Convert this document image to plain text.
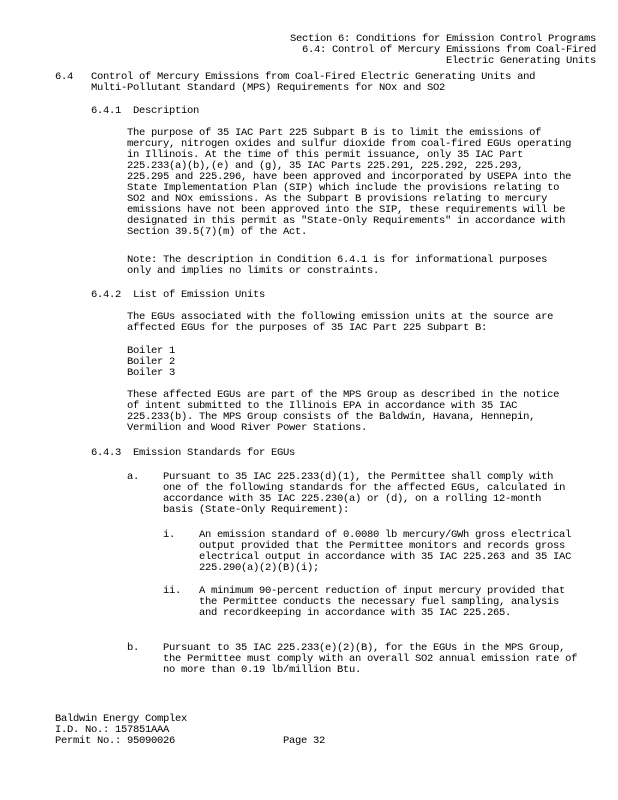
Section 6: Conditions for Emission Control Programs
6.4: Control of Mercury Emissions from Coal-Fired
Electric Generating Units
6.4 Control of Mercury Emissions from Coal-Fired Electric Generating Units and
Multi-Pollutant Standard (MPS) Requirements for NOx and SO2
6.4.1  Description
The purpose of 35 IAC Part 225 Subpart B is to limit the emissions of
mercury, nitrogen oxides and sulfur dioxide from coal-fired EGUs operating
in Illinois. At the time of this permit issuance, only 35 IAC Part
225.233(a)(b),(e) and (g), 35 IAC Parts 225.291, 225.292, 225.293,
225.295 and 225.296, have been approved and incorporated by USEPA into the
State Implementation Plan (SIP) which include the provisions relating to
SO2 and NOx emissions. As the Subpart B provisions relating to mercury
emissions have not been approved into the SIP, these requirements will be
designated in this permit as "State-Only Requirements" in accordance with
Section 39.5(7)(m) of the Act.
Note: The description in Condition 6.4.1 is for informational purposes
only and implies no limits or constraints.
6.4.2  List of Emission Units
The EGUs associated with the following emission units at the source are
affected EGUs for the purposes of 35 IAC Part 225 Subpart B:
Boiler 1
Boiler 2
Boiler 3
These affected EGUs are part of the MPS Group as described in the notice
of intent submitted to the Illinois EPA in accordance with 35 IAC
225.233(b). The MPS Group consists of the Baldwin, Havana, Hennepin,
Vermilion and Wood River Power Stations.
6.4.3  Emission Standards for EGUs
a. Pursuant to 35 IAC 225.233(d)(1), the Permittee shall comply with
one of the following standards for the affected EGUs, calculated in
accordance with 35 IAC 225.230(a) or (d), on a rolling 12-month
basis (State-Only Requirement):
i. An emission standard of 0.0080 lb mercury/GWh gross electrical
output provided that the Permittee monitors and records gross
electrical output in accordance with 35 IAC 225.263 and 35 IAC
225.290(a)(2)(B)(i);
ii. A minimum 90-percent reduction of input mercury provided that
the Permittee conducts the necessary fuel sampling, analysis
and recordkeeping in accordance with 35 IAC 225.265.
b. Pursuant to 35 IAC 225.233(e)(2)(B), for the EGUs in the MPS Group,
the Permittee must comply with an overall SO2 annual emission rate of
no more than 0.19 lb/million Btu.
Baldwin Energy Complex
I.D. No.: 157851AAA
Permit No.: 95090026	Page 32
